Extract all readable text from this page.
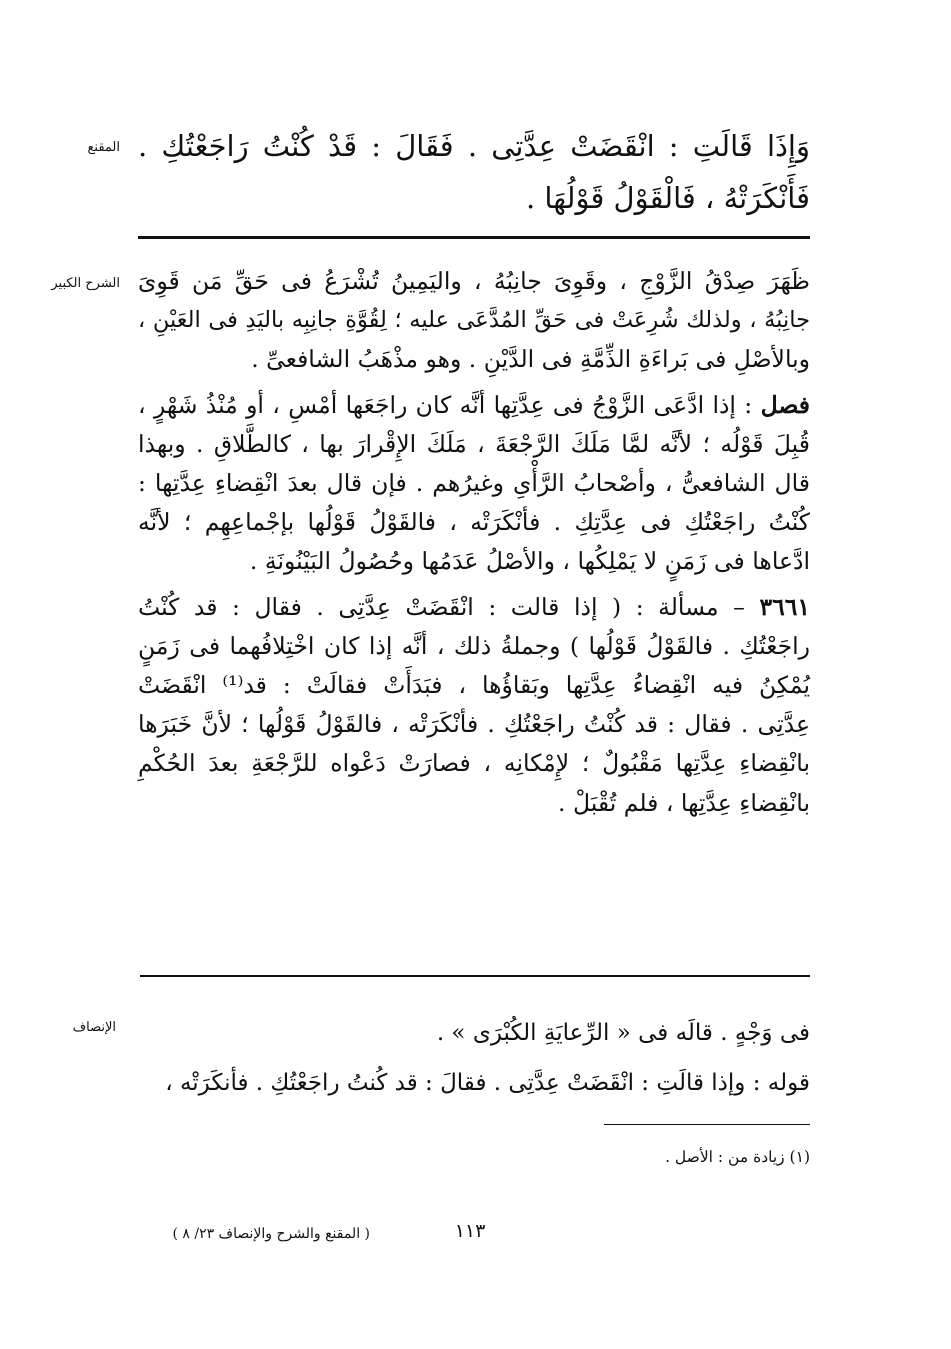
المقنع وَإِذَا قَالَتِ : انْقَضَتْ عِدَّتِى . فَقَالَ : قَدْ كُنْتُ رَاجَعْتُكِ .
فَأَنْكَرَتْهُ ، فَالْقَوْلُ قَوْلُهَا .
الشرح الكبير ظَهَرَ صِدْقُ الزَّوْجِ ، وقَوِىَ جانِبُهُ ، واليَمِينُ تُشْرَعُ فى حَقِّ مَن قَوِىَ
جانِبُهُ ، ولذلك شُرِعَتْ فى حَقِّ المُدَّعَى عليه ؛ لِقُوَّةِ جانِبِه باليَدِ فى العَيْنِ ،
وبالأصْلِ فى بَراءَةِ الذِّمَّةِ فى الدَّيْنِ . وهو مذْهَبُ الشافعىِّ .
فصل : إذا ادَّعَى الزَّوْجُ فى عِدَّتِها أنَّه كان راجَعَها أمْسِ ، أو مُنْذُ شَهْرٍ ،
قُبِلَ قَوْلُه ؛ لأنَّه لمَّا مَلَكَ الرَّجْعَةَ ، مَلَكَ الإِقْرارَ بها ، كالطَّلاقِ . وبهذا
قال الشافعىُّ ، وأصْحابُ الرَّأْىِ وغيرُهم . فإن قال بعدَ انْقِضاءِ عِدَّتِها :
كُنْتُ راجَعْتُكِ فى عِدَّتِكِ . فأنْكَرَتْه ، فالقَوْلُ قَوْلُها بإجْماعِهِم ؛ لأنَّه
ادَّعاها فى زَمَنٍ لا يَمْلِكُها ، والأصْلُ عَدَمُها وحُصُولُ البَيْنُونَةِ .
٣٦٦١ – مسألة : ( إذا قالت : انْقَضَتْ عِدَّتِى . فقال : قد كُنْتُ
راجَعْتُكِ . فالقَوْلُ قَوْلُها ) وجملةُ ذلك ، أنَّه إذا كان اخْتِلافُهما فى زَمَنٍ
يُمْكِنُ فيه انْقِضاءُ عِدَّتِها وبَقاؤُها ، فبَدَأَتْ فقالَتْ : قد⁽¹⁾ انْقَضَتْ
عِدَّتِى . فقال : قد كُنْتُ راجَعْتُكِ . فأنْكَرَتْه ، فالقَوْلُ قَوْلُها ؛ لأنَّ خَبَرَها
بانْقِضاءِ عِدَّتِها مَقْبُولٌ ؛ لإِمْكانِه ، فصارَتْ دَعْواه للرَّجْعَةِ بعدَ الحُكْمِ
بانْقِضاءِ عِدَّتِها ، فلم تُقْبَلْ .
الإنصاف	فى وَجْهٍ . قالَه فى « الرِّعايَةِ الكُبْرَى » .
قوله : وإذا قالَتِ : انْقَضَتْ عِدَّتِى . فقالَ : قد كُنتُ راجَعْتُكِ . فأنكَرَتْه ،
(١) زيادة من : الأصل .
١١٣
( المقنع والشرح والإنصاف ٢٣/ ٨ )
